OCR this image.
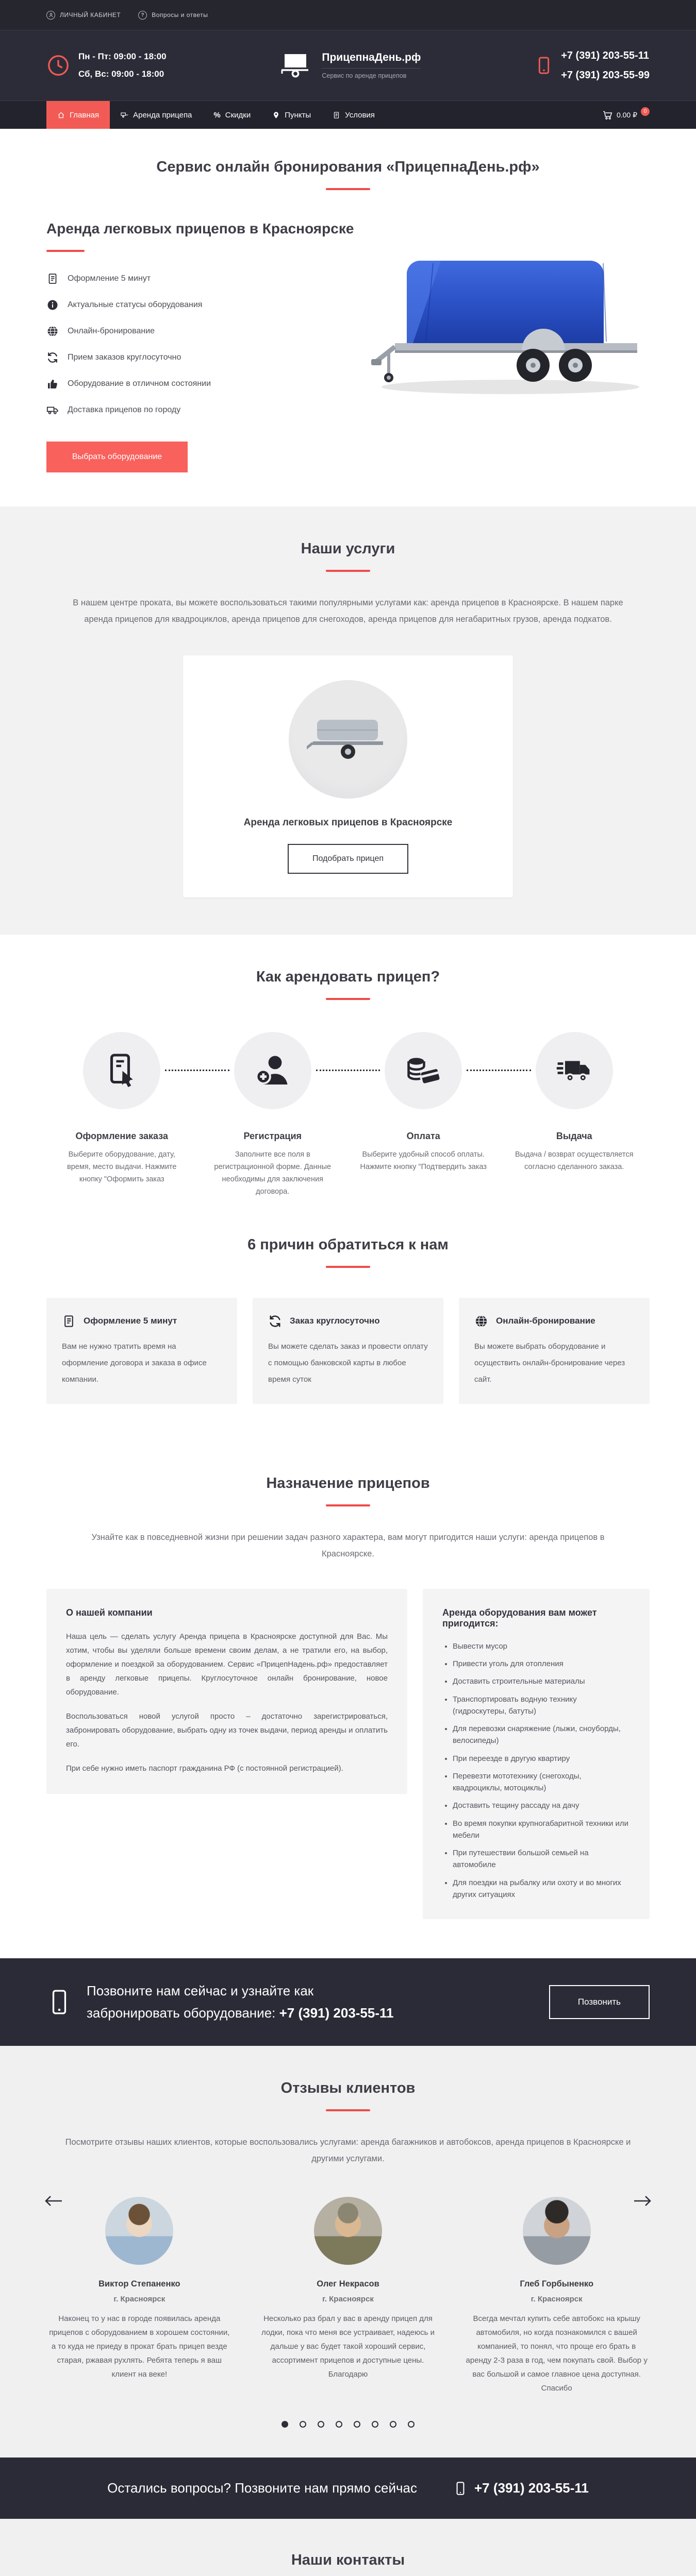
ЛИЧНЫЙ КАБИНЕТ	?	Вопросы и ответы
Пн - Пт: 09:00 - 18:00
Сб, Вс: 09:00 - 18:00
ПрицепнаДень.рф
Сервис по аренде прицепов
+7 (391) 203-55-11
+7 (391) 203-55-99
Главная	Аренда прицепа	% Скидки	Пункты	Условия	0.00 ₽	0
Сервис онлайн бронирования «ПрицепнаДень.рф»
Аренда легковых прицепов в Красноярске
Оформление 5 минут
Актуальные статусы оборудования
Онлайн-бронирование
Прием заказов круглосуточно
Оборудование в отличном состоянии
Доставка прицепов по городу
Выбрать оборудование
Наши услуги

В нашем центре проката, вы можете воспользоваться такими популярными услугами как: аренда прицепов в Красноярске. В нашем парке аренда прицепов для квадроциклов, аренда прицепов для снегоходов, аренда прицепов для негабаритных грузов, аренда подкатов.

Аренда легковых прицепов в Красноярске
Подобрать прицеп
Как арендовать прицеп?
Оформление заказа
Выберите оборудование, дату, время, место выдачи. Нажмите кнопку "Оформить заказ
Регистрация
Заполните все поля в регистрационной форме. Данные необходимы для заключения договора.
Оплата
Выберите удобный способ оплаты. Нажмите кнопку "Подтвердить заказ
Выдача
Выдача / возврат осуществляется согласно сделанного заказа.
6 причин обратиться к нам
Оформление 5 минут
Вам не нужно тратить время на оформление договора и заказа в офисе компании.
Заказ круглосуточно
Вы можете сделать заказ и провести оплату с помощью банковской карты в любое время суток
Онлайн-бронирование
Вы можете выбрать оборудование и осуществить онлайн-бронирование через сайт.
Назначение прицепов

Узнайте как в повседневной жизни при решении задач разного характера, вам могут пригодится наши услуги: аренда прицепов в Красноярске.

О нашей компании

Наша цель — сделать услугу Аренда прицепа в Красноярске доступной для Вас. Мы хотим, чтобы вы уделяли больше времени своим делам, а не тратили его, на выбор, оформление и поездкой за оборудованием. Сервис «ПрицепНадень.рф» предоставляет в аренду легковые прицепы. Круглосуточное онлайн бронирование, новое оборудование.

Воспользоваться новой услугой просто – достаточно зарегистрироваться, забронировать оборудование, выбрать одну из точек выдачи, период аренды и оплатить его.

При себе нужно иметь паспорт гражданина РФ (с постоянной регистрацией).

Аренда оборудования вам может пригодится:
• Вывести мусор
• Привести уголь для отопления
• Доставить строительные материалы
• Транспортировать водную технику (гидроскутеры, батуты)
• Для перевозки снаряжение (лыжи, сноуборды, велосипеды)
• При переезде в другую квартиру
• Перевезти мототехнику (снегоходы, квадроциклы, мотоциклы)
• Доставить тещину рассаду на дачу
• Во время покупки крупногабаритной техники или мебели
• При путешествии большой семьей на автомобиле
• Для поездки на рыбалку или охоту и во многих других ситуациях
Позвоните нам сейчас и узнайте как
забронировать оборудование: +7 (391) 203-55-11
Позвонить
Отзывы клиентов

Посмотрите отзывы наших клиентов, которые воспользовались услугами: аренда багажников и автобоксов, аренда прицепов в Красноярске и другими услугами.

Виктор Степаненко
г. Красноярск
Наконец то у нас в городе появилась аренда прицепов с оборудованием в хорошем состоянии, а то куда не приеду в прокат брать прицеп везде старая, ржавая рухлять. Ребята теперь я ваш клиент на веке!
Олег Некрасов
г. Красноярск
Несколько раз брал у вас в аренду прицеп для лодки, пока что меня все устраивает, надеюсь и дальше у вас будет такой хороший сервис, ассортимент прицепов и доступные цены. Благодарю
Глеб Горбыненко
г. Красноярск
Всегда мечтал купить себе автобокс на крышу автомобиля, но когда познакомился с вашей компанией, то понял, что проще его брать в аренду 2-3 раза в год, чем покупать свой. Выбор у вас большой и самое главное цена доступная. Спасибо
Остались вопросы? Позвоните нам прямо сейчас	+7 (391) 203-55-11
Наши контакты
